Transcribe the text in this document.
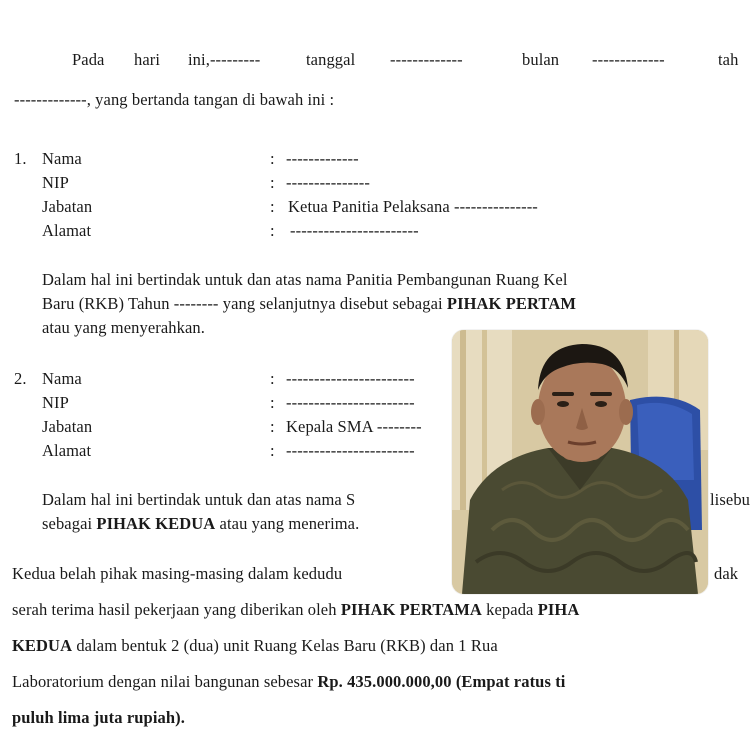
Pada hari ini,---------	tanggal -------------	bulan -------------	tah
-------------, yang bertanda tangan di bawah ini :
1. Nama	: -------------
NIP	: ---------------
Jabatan	: Ketua Panitia Pelaksana ---------------
Alamat	: -----------------------
Dalam hal ini bertindak untuk dan atas nama Panitia Pembangunan Ruang Kel
Baru (RKB) Tahun -------- yang selanjutnya disebut sebagai PIHAK PERTAM
atau yang menyerahkan.
2. Nama	: -----------------------
NIP	: -----------------------
Jabatan	: Kepala SMA --------
Alamat	: -----------------------
Dalam hal ini bertindak untuk dan atas nama S	lisebu
sebagai PIHAK KEDUA atau yang menerima.
Kedua belah pihak masing-masing dalam kedudu	dak
serah terima hasil pekerjaan yang diberikan oleh PIHAK PERTAMA kepada PIHA
KEDUA dalam bentuk 2 (dua) unit Ruang Kelas Baru (RKB) dan 1 Rua
Laboratorium dengan nilai bangunan sebesar Rp. 435.000.000,00 (Empat ratus ti
puluh lima juta rupiah).
